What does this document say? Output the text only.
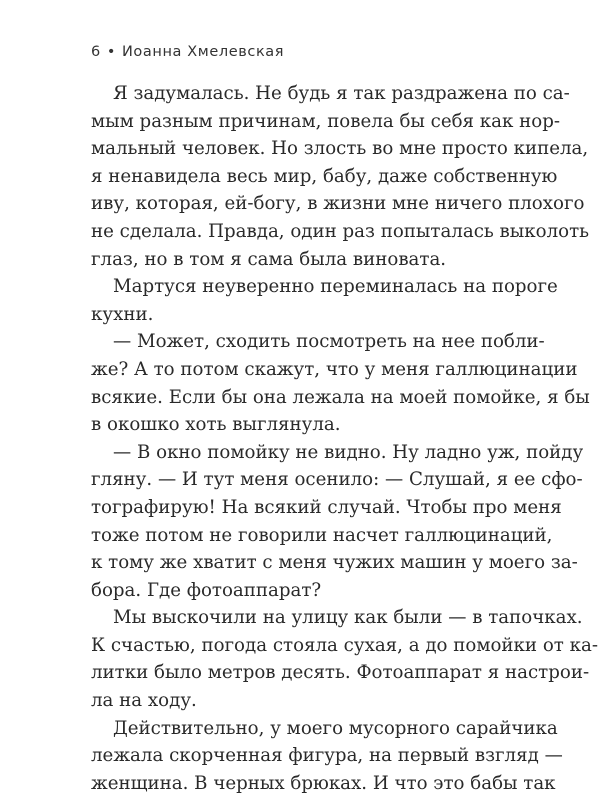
6 • Иоанна Хмелевская
Я задумалась. Не будь я так раздражена по са-
мым разным причинам, повела бы себя как нор-
мальный человек. Но злость во мне просто кипела,
я ненавидела весь мир, бабу, даже собственную
иву, которая, ей-богу, в жизни мне ничего плохого
не сделала. Правда, один раз попыталась выколоть
глаз, но в том я сама была виновата.
Мартуся неуверенно переминалась на пороге
кухни.
— Может, сходить посмотреть на нее побли-
же? А то потом скажут, что у меня галлюцинации
всякие. Если бы она лежала на моей помойке, я бы
в окошко хоть выглянула.
— В окно помойку не видно. Ну ладно уж, пойду
гляну. — И тут меня осенило: — Слушай, я ее сфо-
тографирую! На всякий случай. Чтобы про меня
тоже потом не говорили насчет галлюцинаций,
к тому же хватит с меня чужих машин у моего за-
бора. Где фотоаппарат?
Мы выскочили на улицу как были — в тапочках.
К счастью, погода стояла сухая, а до помойки от ка-
литки было метров десять. Фотоаппарат я настрои-
ла на ходу.
Действительно, у моего мусорного сарайчика
лежала скорченная фигура, на первый взгляд —
женщина. В черных брюках. И что это бабы так
